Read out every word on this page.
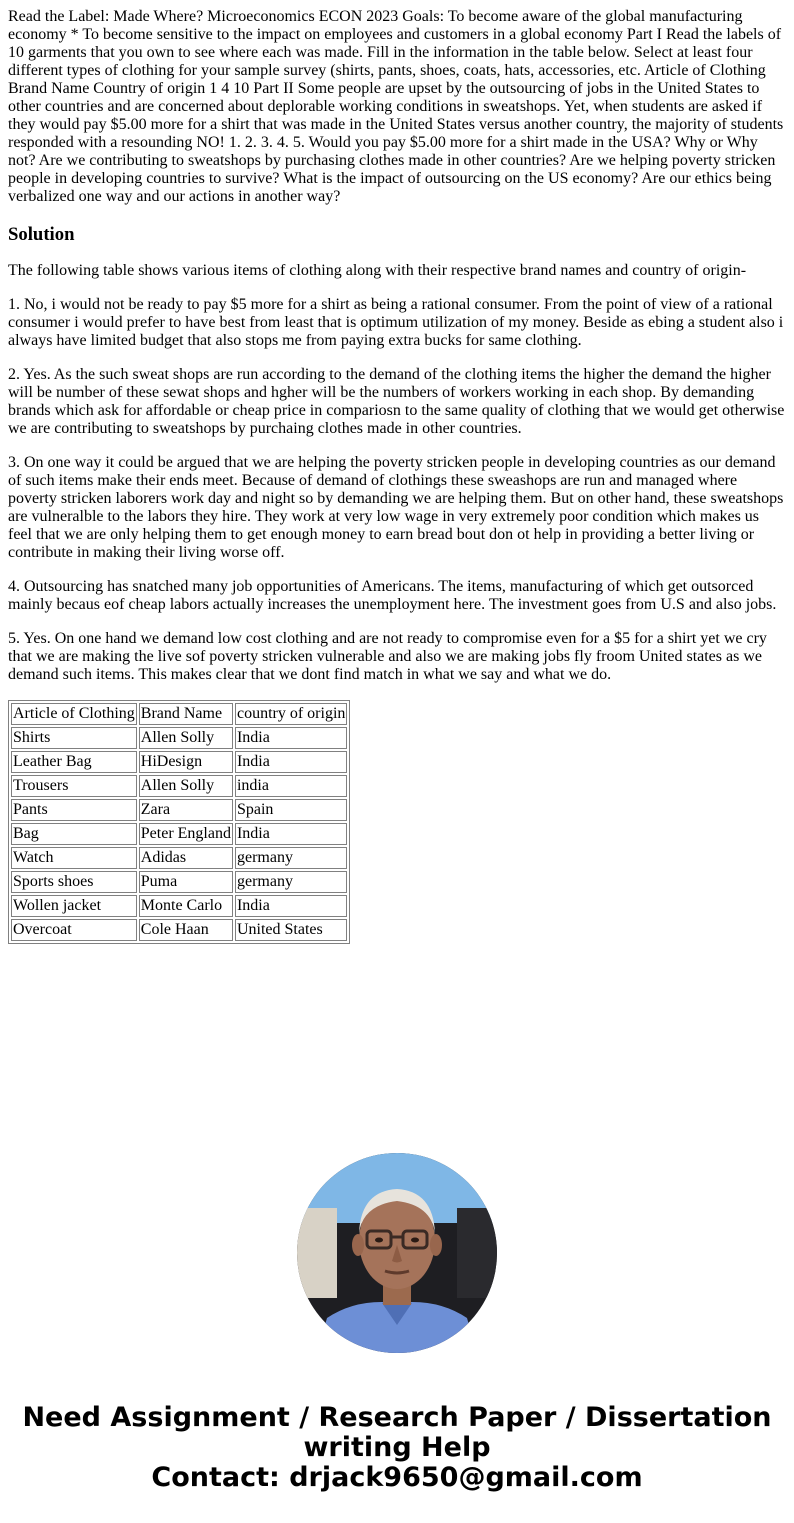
Read the Label: Made Where? Microeconomics ECON 2023 Goals: To become aware of the global manufacturing economy * To become sensitive to the impact on employees and customers in a global economy Part I Read the labels of 10 garments that you own to see where each was made. Fill in the information in the table below. Select at least four different types of clothing for your sample survey (shirts, pants, shoes, coats, hats, accessories, etc. Article of Clothing Brand Name Country of origin 1 4 10 Part II Some people are upset by the outsourcing of jobs in the United States to other countries and are concerned about deplorable working conditions in sweatshops. Yet, when students are asked if they would pay $5.00 more for a shirt that was made in the United States versus another country, the majority of students responded with a resounding NO! 1. 2. 3. 4. 5. Would you pay $5.00 more for a shirt made in the USA? Why or Why not? Are we contributing to sweatshops by purchasing clothes made in other countries? Are we helping poverty stricken people in developing countries to survive? What is the impact of outsourcing on the US economy? Are our ethics being verbalized one way and our actions in another way?
Solution

The following table shows various items of clothing along with their respective brand names and country of origin-

1. No, i would not be ready to pay $5 more for a shirt as being a rational consumer. From the point of view of a rational consumer i would prefer to have best from least that is optimum utilization of my money. Beside as ebing a student also i always have limited budget that also stops me from paying extra bucks for same clothing.

2. Yes. As the such sweat shops are run according to the demand of the clothing items the higher the demand the higher will be number of these sewat shops and hgher will be the numbers of workers working in each shop. By demanding brands which ask for affordable or cheap price in compariosn to the same quality of clothing that we would get otherwise we are contributing to sweatshops by purchaing clothes made in other countries.

3. On one way it could be argued that we are helping the poverty stricken people in developing countries as our demand of such items make their ends meet. Because of demand of clothings these sweashops are run and managed where poverty stricken laborers work day and night so by demanding we are helping them. But on other hand, these sweatshops are vulneralble to the labors they hire. They work at very low wage in very extremely poor condition which makes us feel that we are only helping them to get enough money to earn bread bout don ot help in providing a better living or contribute in making their living worse off.

4. Outsourcing has snatched many job opportunities of Americans. The items, manufacturing of which get outsorced mainly becaus eof cheap labors actually increases the unemployment here. The investment goes from U.S and also jobs.

5. Yes. On one hand we demand low cost clothing and are not ready to compromise even for a $5 for a shirt yet we cry that we are making the live sof poverty stricken vulnerable and also we are making jobs fly froom United states as we demand such items. This makes clear that we dont find match in what we say and what we do.

Article of Clothing	Brand Name	country of origin
Shirts	Allen Solly	India
Leather Bag	HiDesign	India
Trousers	Allen Solly	india
Pants	Zara	Spain
Bag	Peter England	India
Watch	Adidas	germany
Sports shoes	Puma	germany
Wollen jacket	Monte Carlo	India
Overcoat	Cole Haan	United States
Need Assignment / Research Paper / Dissertation
writing Help
Contact: drjack9650@gmail.com
